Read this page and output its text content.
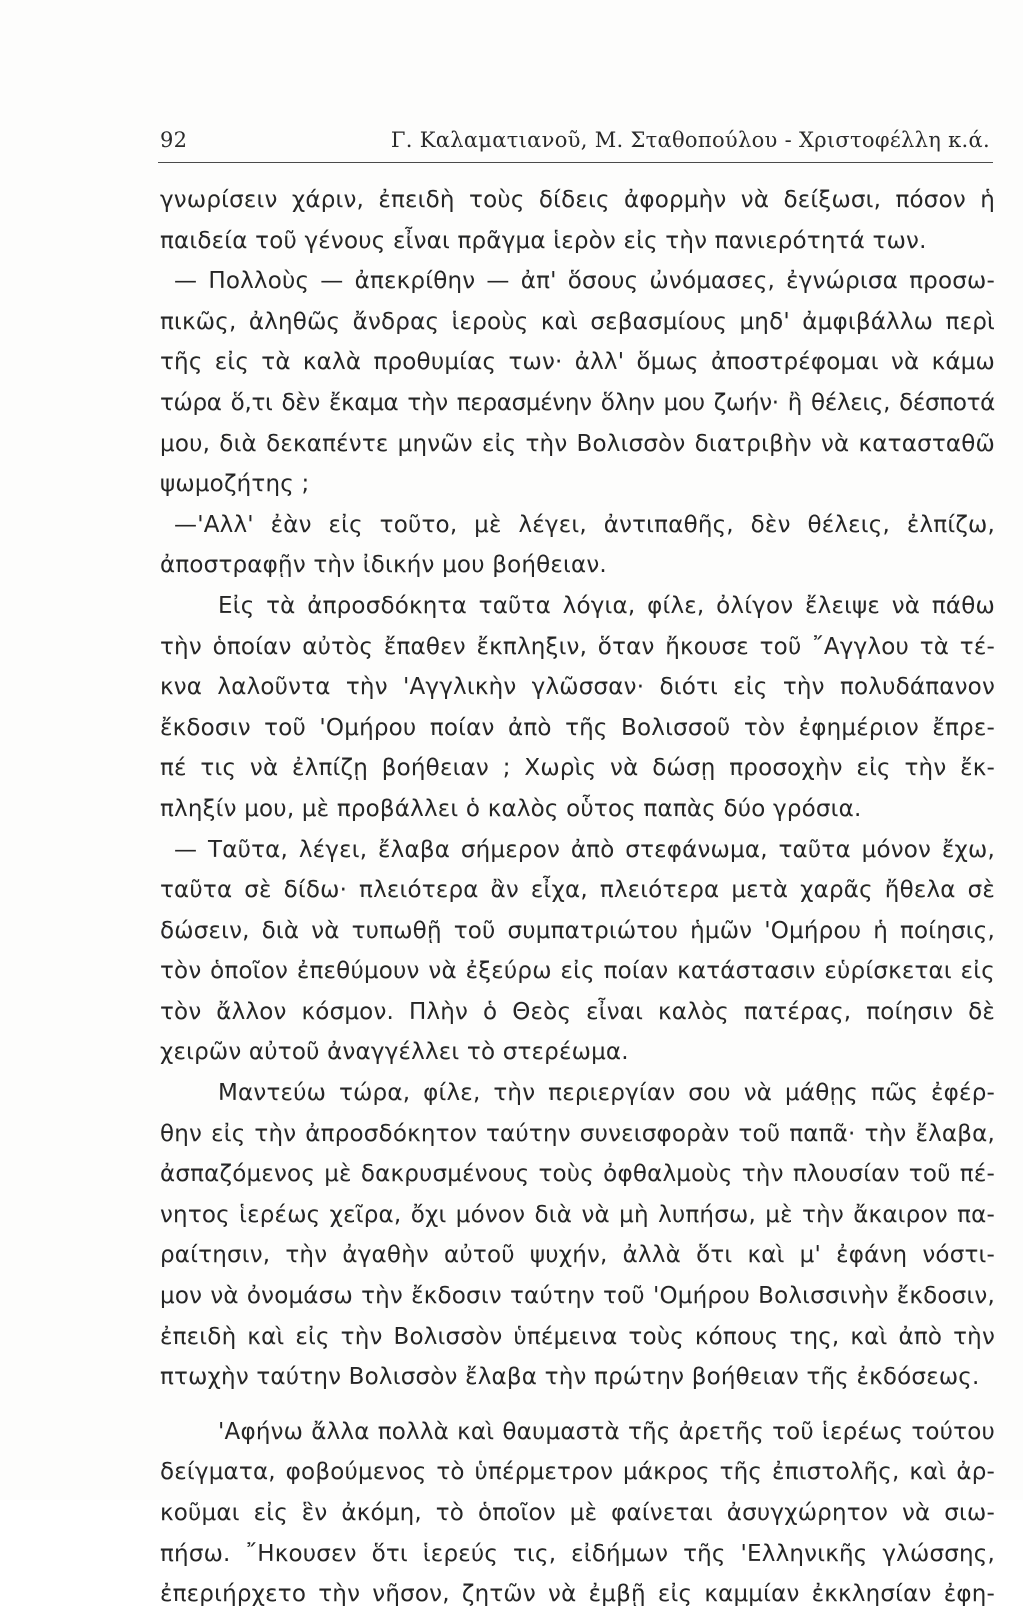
92	Γ. Καλαματιανοῦ, Μ. Σταθοπούλου - Χριστοφέλλη κ.ά.
γνωρίσειν χάριν, ἐπειδὴ τοὺς δίδεις ἀφορμὴν νὰ δείξωσι, πόσον ἡ
παιδεία τοῦ γένους εἶναι πρᾶγμα ἱερὸν εἰς τὴν πανιερότητά των.
— Πολλοὺς — ἀπεκρίθην — ἀπ' ὅσους ὠνόμασες, ἐγνώρισα προσω-
πικῶς, ἀληθῶς ἄνδρας ἱεροὺς καὶ σεβασμίους μηδ' ἀμφιβάλλω περὶ
τῆς εἰς τὰ καλὰ προθυμίας των· ἀλλ' ὅμως ἀποστρέφομαι νὰ κάμω
τώρα ὅ,τι δὲν ἔκαμα τὴν περασμένην ὅλην μου ζωήν· ἢ θέλεις, δέσποτά
μου, διὰ δεκαπέντε μηνῶν εἰς τὴν Βολισσὸν διατριβὴν νὰ κατασταθῶ
ψωμοζήτης ;
—'Αλλ' ἐὰν εἰς τοῦτο, μὲ λέγει, ἀντιπαθῆς, δὲν θέλεις, ἐλπίζω,
ἀποστραφῇν τὴν ἰδικήν μου βοήθειαν.
Εἰς τὰ ἀπροσδόκητα ταῦτα λόγια, φίλε, ὀλίγον ἔλειψε νὰ πάθω
τὴν ὁποίαν αὐτὸς ἔπαθεν ἔκπληξιν, ὅταν ἤκουσε τοῦ ῎Αγγλου τὰ τέ-
κνα λαλοῦντα τὴν 'Αγγλικὴν γλῶσσαν· διότι εἰς τὴν πολυδάπανον
ἔκδοσιν τοῦ 'Ομήρου ποίαν ἀπὸ τῆς Βολισσοῦ τὸν ἐφημέριον ἔπρε-
πέ τις νὰ ἐλπίζῃ βοήθειαν ; Χωρὶς νὰ δώσῃ προσοχὴν εἰς τὴν ἔκ-
πληξίν μου, μὲ προβάλλει ὁ καλὸς οὗτος παπὰς δύο γρόσια.
— Ταῦτα, λέγει, ἔλαβα σήμερον ἀπὸ στεφάνωμα, ταῦτα μόνον ἔχω,
ταῦτα σὲ δίδω· πλειότερα ἂν εἶχα, πλειότερα μετὰ χαρᾶς ἤθελα σὲ
δώσειν, διὰ νὰ τυπωθῇ τοῦ συμπατριώτου ἡμῶν 'Ομήρου ἡ ποίησις,
τὸν ὁποῖον ἐπεθύμουν νὰ ἐξεύρω εἰς ποίαν κατάστασιν εὑρίσκεται εἰς
τὸν ἄλλον κόσμον. Πλὴν ὁ Θεὸς εἶναι καλὸς πατέρας, ποίησιν δὲ
χειρῶν αὐτοῦ ἀναγγέλλει τὸ στερέωμα.
Μαντεύω τώρα, φίλε, τὴν περιεργίαν σου νὰ μάθῃς πῶς ἐφέρ-
θην εἰς τὴν ἀπροσδόκητον ταύτην συνεισφορὰν τοῦ παπᾶ· τὴν ἔλαβα,
ἀσπαζόμενος μὲ δακρυσμένους τοὺς ὀφθαλμοὺς τὴν πλουσίαν τοῦ πέ-
νητος ἱερέως χεῖρα, ὄχι μόνον διὰ νὰ μὴ λυπήσω, μὲ τὴν ἄκαιρον πα-
ραίτησιν, τὴν ἀγαθὴν αὐτοῦ ψυχήν, ἀλλὰ ὅτι καὶ μ' ἐφάνη νόστι-
μον νὰ ὀνομάσω τὴν ἔκδοσιν ταύτην τοῦ 'Ομήρου Βολισσινὴν ἔκδοσιν,
ἐπειδὴ καὶ εἰς τὴν Βολισσὸν ὑπέμεινα τοὺς κόπους της, καὶ ἀπὸ τὴν
πτωχὴν ταύτην Βολισσὸν ἔλαβα τὴν πρώτην βοήθειαν τῆς ἐκδόσεως.
'Αφήνω ἄλλα πολλὰ καὶ θαυμαστὰ τῆς ἀρετῆς τοῦ ἱερέως τούτου
δείγματα, φοβούμενος τὸ ὑπέρμετρον μάκρος τῆς ἐπιστολῆς, καὶ ἀρ-
κοῦμαι εἰς ἓν ἀκόμη, τὸ ὁποῖον μὲ φαίνεται ἀσυγχώρητον νὰ σιω-
πήσω. ῎Ηκουσεν ὅτι ἱερεύς τις, εἰδήμων τῆς 'Ελληνικῆς γλώσσης,
ἐπεριήρχετο τὴν νῆσον, ζητῶν νὰ ἐμβῇ εἰς καμμίαν ἐκκλησίαν ἐφη-
